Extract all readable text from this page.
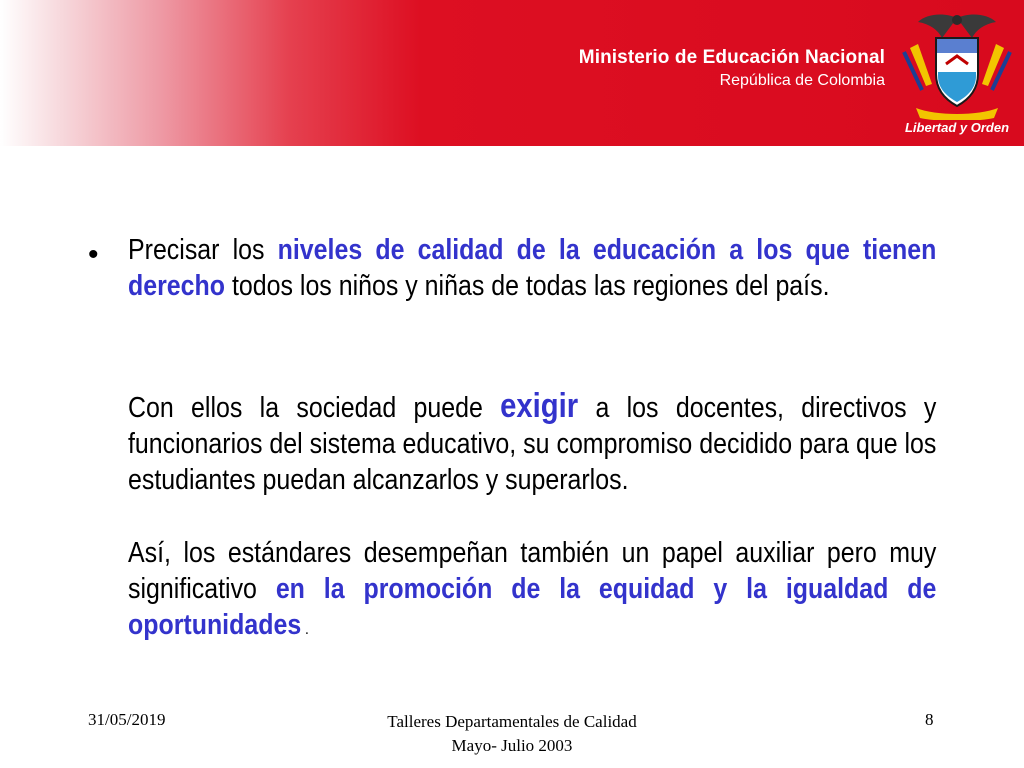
Ministerio de Educación Nacional
República de Colombia
Libertad y Orden
• Precisar los niveles de calidad de la educación a los que tienen derecho todos los niños y niñas de todas las regiones del país.
Con ellos la sociedad puede exigir a los docentes, directivos y funcionarios del sistema educativo, su compromiso decidido para que los estudiantes puedan alcanzarlos y superarlos.
Así, los estándares desempeñan también un papel auxiliar pero muy significativo en la promoción de la equidad y la igualdad de oportunidades .
31/05/2019	Talleres Departamentales de Calidad
Mayo- Julio 2003
8
